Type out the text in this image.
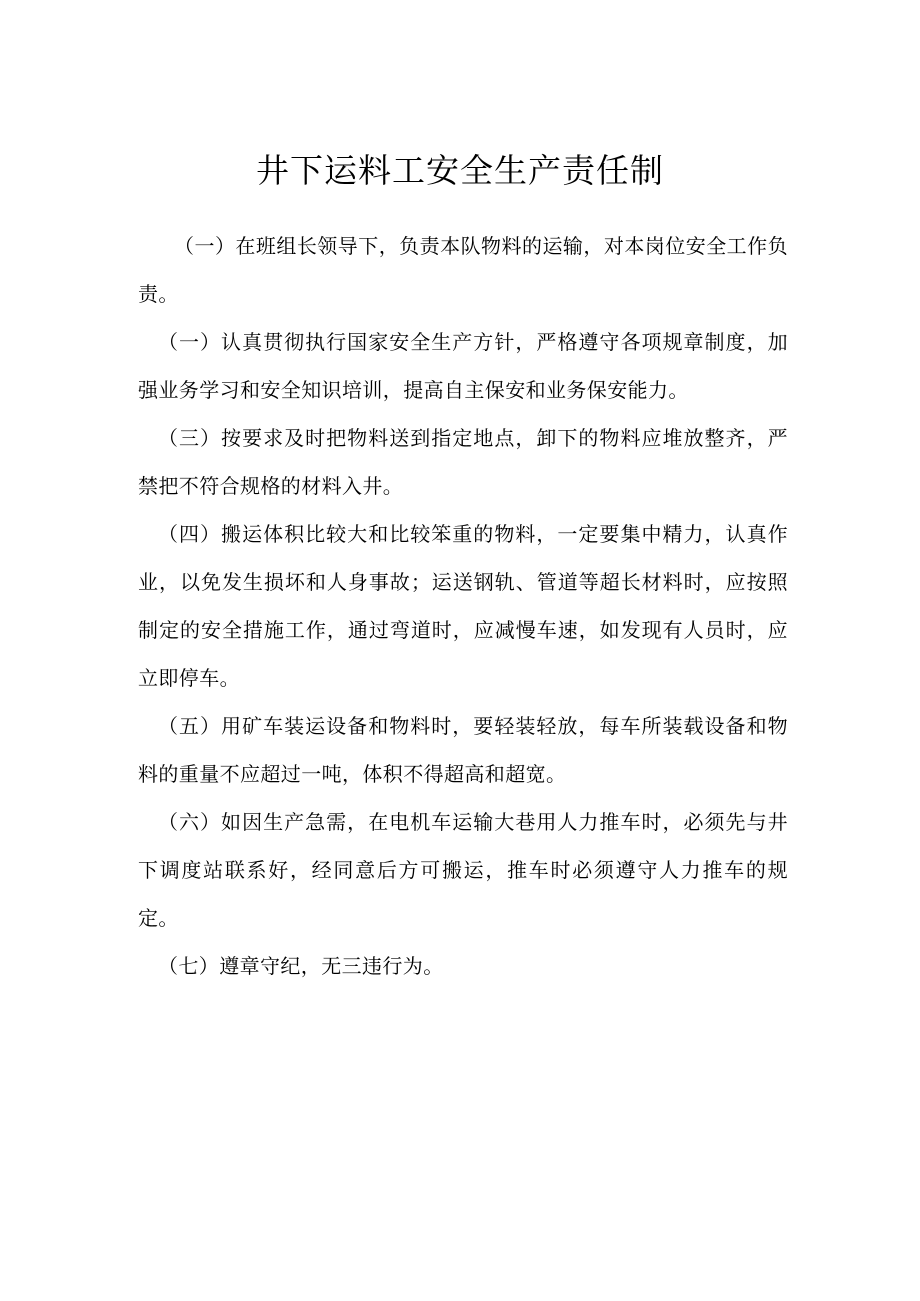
井下运料工安全生产责任制

（一）在班组长领导下，负责本队物料的运输，对本岗位安全工作负责。

（一）认真贯彻执行国家安全生产方针，严格遵守各项规章制度，加强业务学习和安全知识培训，提高自主保安和业务保安能力。

（三）按要求及时把物料送到指定地点，卸下的物料应堆放整齐，严禁把不符合规格的材料入井。

（四）搬运体积比较大和比较笨重的物料，一定要集中精力，认真作业，以免发生损坏和人身事故；运送钢轨、管道等超长材料时，应按照制定的安全措施工作，通过弯道时，应减慢车速，如发现有人员时，应立即停车。

（五）用矿车装运设备和物料时，要轻装轻放，每车所装载设备和物料的重量不应超过一吨，体积不得超高和超宽。

（六）如因生产急需，在电机车运输大巷用人力推车时，必须先与井下调度站联系好，经同意后方可搬运，推车时必须遵守人力推车的规定。

（七）遵章守纪，无三违行为。
